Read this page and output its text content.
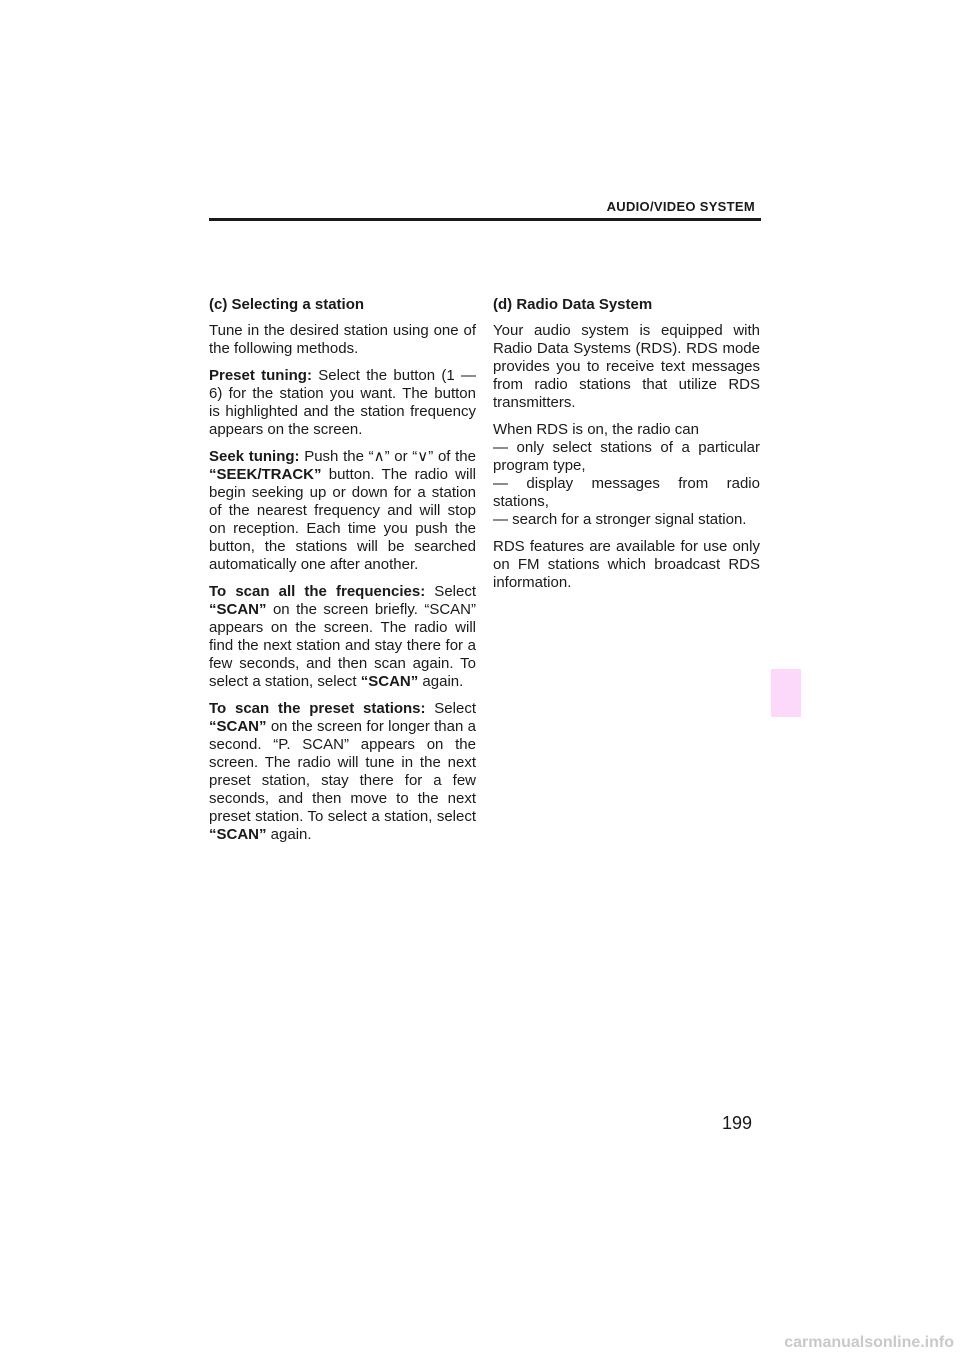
AUDIO/VIDEO SYSTEM
(c) Selecting a station

Tune in the desired station using one of the following methods.

Preset tuning: Select the button (1 — 6) for the station you want. The button is highlighted and the station frequency appears on the screen.

Seek tuning: Push the “∧” or “∨” of the “SEEK/TRACK” button. The radio will begin seeking up or down for a station of the nearest frequency and will stop on reception. Each time you push the button, the stations will be searched automatically one after another.

To scan all the frequencies: Select “SCAN” on the screen briefly. “SCAN” appears on the screen. The radio will find the next station and stay there for a few seconds, and then scan again. To select a station, select “SCAN” again.

To scan the preset stations: Select “SCAN” on the screen for longer than a second. “P. SCAN” appears on the screen. The radio will tune in the next preset station, stay there for a few seconds, and then move to the next preset station. To select a station, select “SCAN” again.

(d) Radio Data System

Your audio system is equipped with Radio Data Systems (RDS). RDS mode provides you to receive text messages from radio stations that utilize RDS transmitters.

When RDS is on, the radio can
— only select stations of a particular program type,
— display messages from radio stations,
— search for a stronger signal station.

RDS features are available for use only on FM stations which broadcast RDS information.

199
carmanualsonline.info
